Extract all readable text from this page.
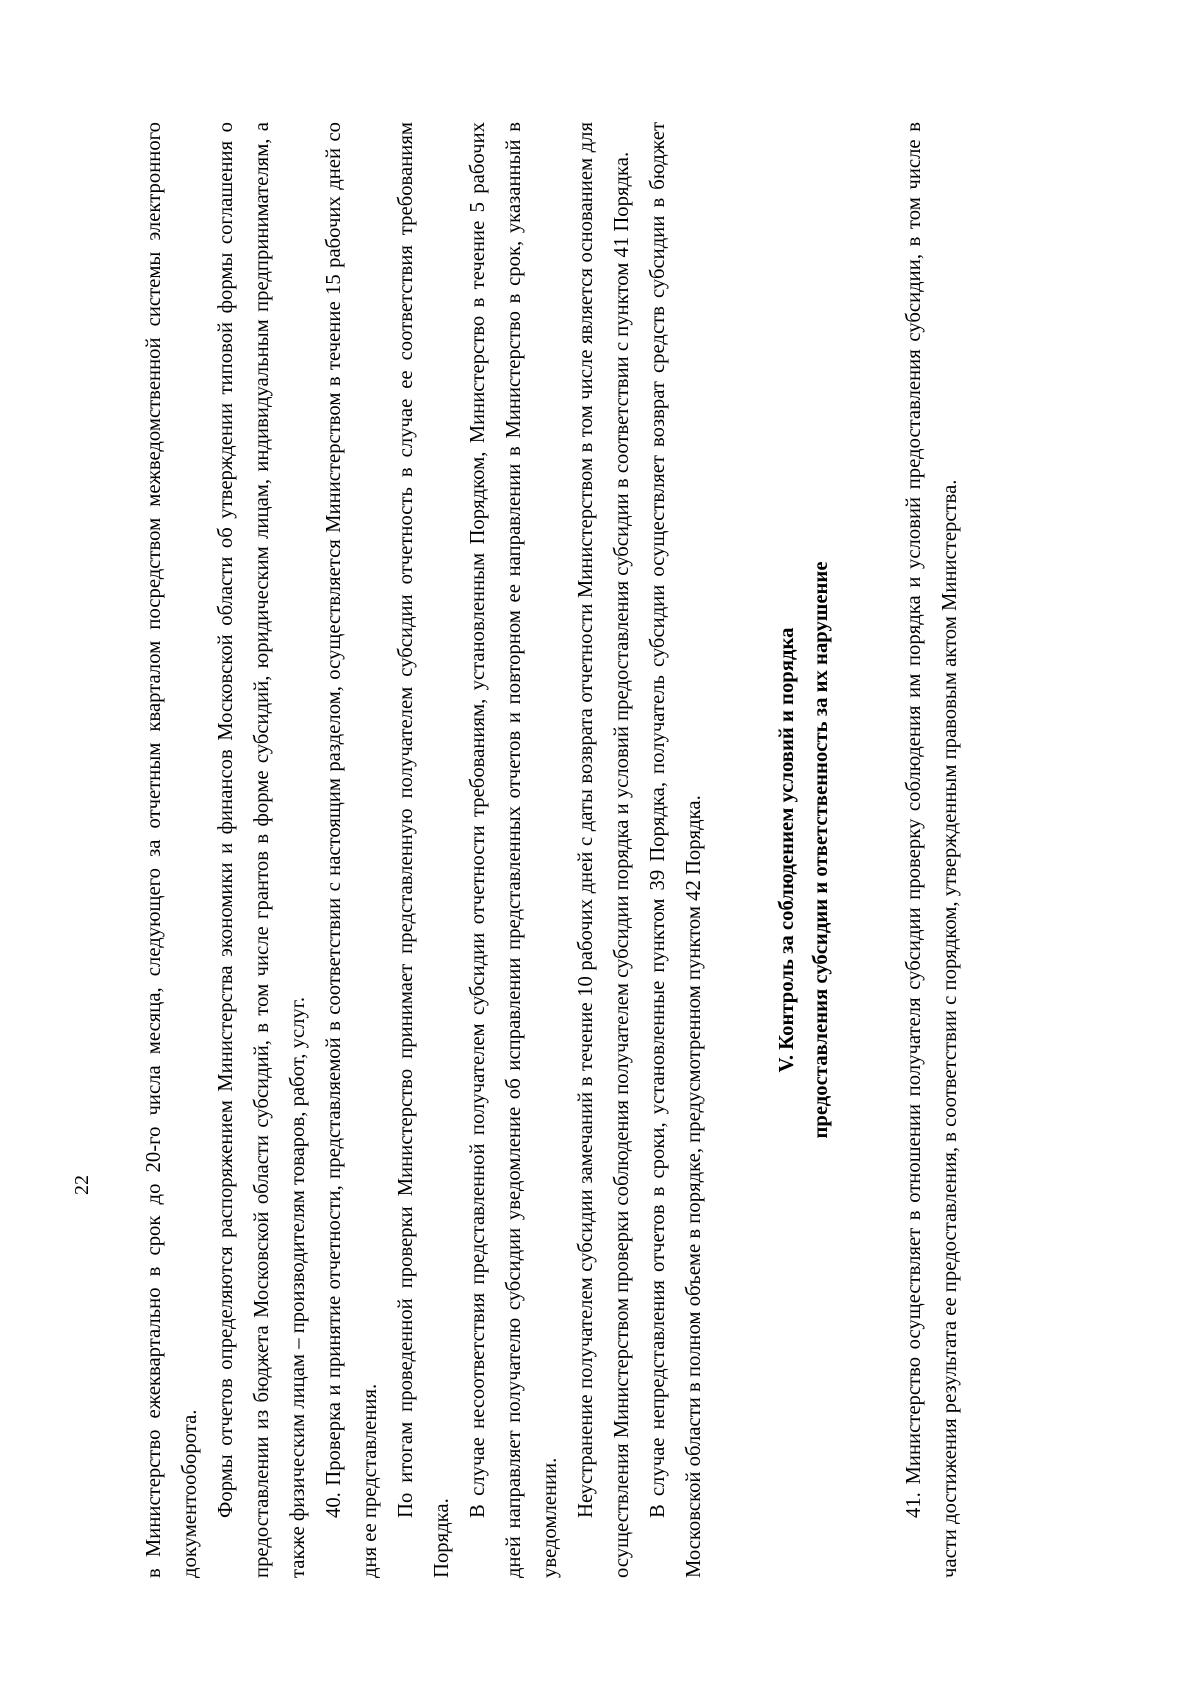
22	в Министерство ежеквартально в срок до 20-го числа месяца, следующего за отчетным кварталом посредством межведомственной системы электронного документооборота. Формы отчетов определяются распоряжением Министерства экономики и финансов Московской области об утверждении типовой формы соглашения о предоставлении из бюджета Московской области субсидий, в том числе грантов в форме субсидий, юридическим лицам, индивидуальным предпринимателям, а также физическим лицам – производителям товаров, работ, услуг. 40. Проверка и принятие отчетности, представляемой в соответствии с настоящим разделом, осуществляется Министерством в течение 15 рабочих дней со дня ее представления. По итогам проведенной проверки Министерство принимает представленную получателем субсидии отчетность в случае ее соответствия требованиям Порядка.

В случае несоответствия представленной получателем субсидии отчетности требованиям, установленным Порядком, Министерство в течение 5 рабочих дней направляет получателю субсидии уведомление об исправлении представленных отчетов и повторном ее направлении в Министерство в срок, указанный в уведомлении. Неустранение получателем субсидии замечаний в течение 10 рабочих дней с даты возврата отчетности Министерством в том числе является основанием для осуществления Министерством проверки соблюдения получателем субсидии порядка и условий предоставления субсидии в соответствии с пунктом 41 Порядка. В случае непредставления отчетов в сроки, установленные пунктом 39 Порядка, получатель субсидии осуществляет возврат средств субсидии в бюджет Московской области в полном объеме в порядке, предусмотренном пунктом 42 Порядка.	V. Контроль за соблюдением условий и порядка предоставления субсидии и ответственность за их нарушение	41. Министерство осуществляет в отношении получателя субсидии проверку соблюдения им порядка и условий предоставления субсидии, в том числе в части достижения результата ее предоставления, в соответствии с порядком, утвержденным правовым актом Министерства.
